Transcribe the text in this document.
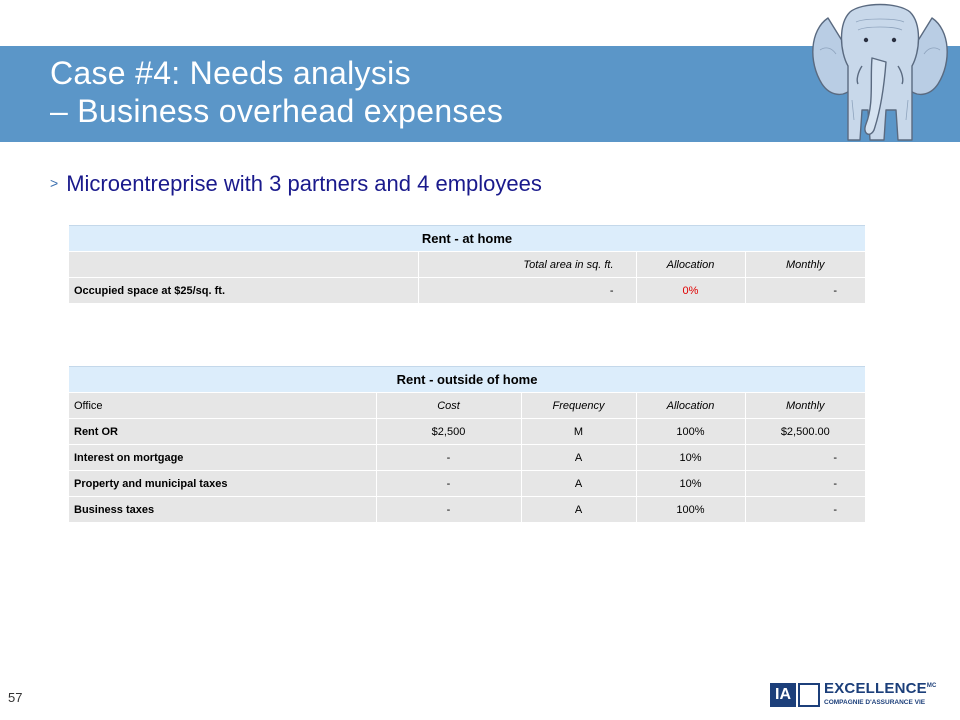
Case #4: Needs analysis
– Business overhead expenses
> Microentreprise with 3 partners and 4 employees
Rent - at home			
	Total area in sq. ft.	Allocation	Monthly
Occupied space at $25/sq. ft.	-	0%	-
Rent - outside of home				
Office	Cost	Frequency	Allocation	Monthly
Rent OR	$2,500	M	100%	$2,500.00
Interest on mortgage	-	A	10%	-
Property and municipal taxes	-	A	10%	-
Business taxes	-	A	100%	-
57	IA	$EXCELLENCE^{MC}$
COMPAGNIE D'ASSURANCE VIE
